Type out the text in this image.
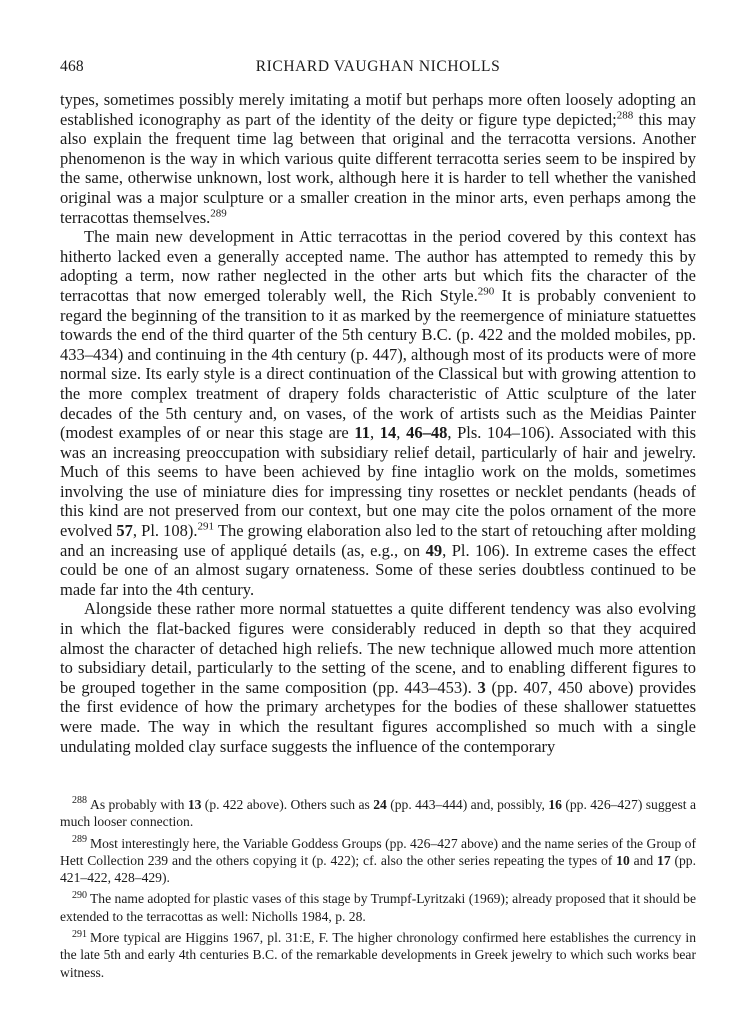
468	RICHARD VAUGHAN NICHOLLS

types, sometimes possibly merely imitating a motif but perhaps more often loosely adopting an established iconography as part of the identity of the deity or figure type depicted;$^{288}$ this may also explain the frequent time lag between that original and the terracotta versions. Another phenomenon is the way in which various quite different terracotta series seem to be inspired by the same, otherwise unknown, lost work, although here it is harder to tell whether the vanished original was a major sculpture or a smaller creation in the minor arts, even perhaps among the terracottas themselves.$^{289}$

The main new development in Attic terracottas in the period covered by this context has hitherto lacked even a generally accepted name. The author has attempted to remedy this by adopting a term, now rather neglected in the other arts but which fits the character of the terracottas that now emerged tolerably well, the Rich Style.$^{290}$ It is probably convenient to regard the beginning of the transition to it as marked by the reemergence of miniature statuettes towards the end of the third quarter of the 5th century B.C. (p. 422 and the molded mobiles, pp. 433–434) and continuing in the 4th century (p. 447), although most of its products were of more normal size. Its early style is a direct continuation of the Classical but with growing attention to the more complex treatment of drapery folds characteristic of Attic sculpture of the later decades of the 5th century and, on vases, of the work of artists such as the Meidias Painter (modest examples of or near this stage are 11, 14, 46–48, Pls. 104–106). Associated with this was an increasing preoccupation with subsidiary relief detail, particularly of hair and jewelry. Much of this seems to have been achieved by fine intaglio work on the molds, sometimes involving the use of miniature dies for impressing tiny rosettes or necklet pendants (heads of this kind are not preserved from our context, but one may cite the polos ornament of the more evolved 57, Pl. 108).$^{291}$ The growing elaboration also led to the start of retouching after molding and an increasing use of appliqué details (as, e.g., on 49, Pl. 106). In extreme cases the effect could be one of an almost sugary ornateness. Some of these series doubtless continued to be made far into the 4th century.

Alongside these rather more normal statuettes a quite different tendency was also evolving in which the flat-backed figures were considerably reduced in depth so that they acquired almost the character of detached high reliefs. The new technique allowed much more attention to subsidiary detail, particularly to the setting of the scene, and to enabling different figures to be grouped together in the same composition (pp. 443–453). 3 (pp. 407, 450 above) provides the first evidence of how the primary archetypes for the bodies of these shallower statuettes were made. The way in which the resultant figures accomplished so much with a single undulating molded clay surface suggests the influence of the contemporary

$^{288}$ As probably with 13 (p. 422 above). Others such as 24 (pp. 443–444) and, possibly, 16 (pp. 426–427) suggest a much looser connection.

$^{289}$ Most interestingly here, the Variable Goddess Groups (pp. 426–427 above) and the name series of the Group of Hett Collection 239 and the others copying it (p. 422); cf. also the other series repeating the types of 10 and 17 (pp. 421–422, 428–429).

$^{290}$ The name adopted for plastic vases of this stage by Trumpf-Lyritzaki (1969); already proposed that it should be extended to the terracottas as well: Nicholls 1984, p. 28.

$^{291}$ More typical are Higgins 1967, pl. 31:E, F. The higher chronology confirmed here establishes the currency in the late 5th and early 4th centuries B.C. of the remarkable developments in Greek jewelry to which such works bear witness.
